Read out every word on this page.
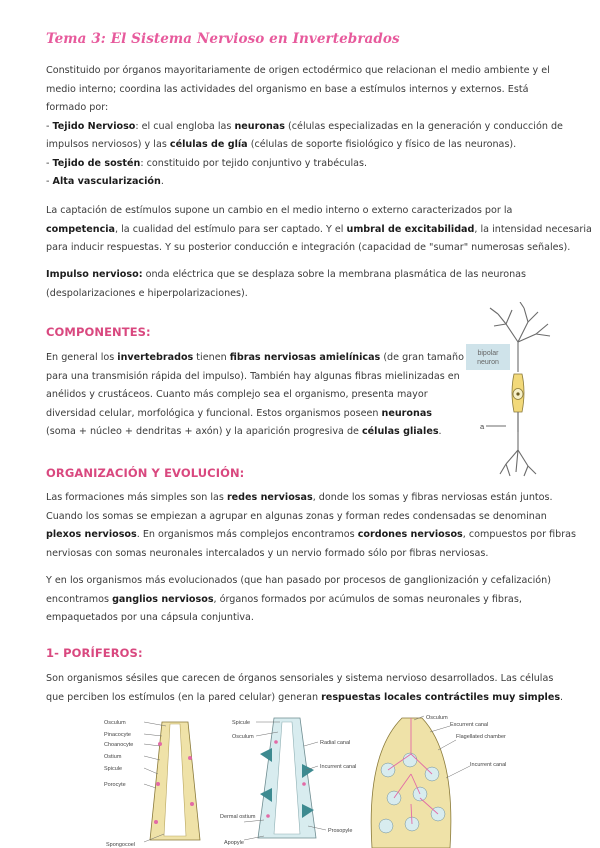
Tema 3: El Sistema Nervioso en Invertebrados
Constituido por órganos mayoritariamente de origen ectodérmico que relacionan el medio ambiente y el
medio interno; coordina las actividades del organismo en base a estímulos internos y externos. Está
formado por:
- Tejido Nervioso: el cual engloba las neuronas (células especializadas en la generación y conducción de
impulsos nerviosos) y las células de glía (células de soporte fisiológico y físico de las neuronas).
- Tejido de sostén: constituido por tejido conjuntivo y trabéculas.
- Alta vascularización.
La captación de estímulos supone un cambio en el medio interno o externo caracterizados por la
competencia, la cualidad del estímulo para ser captado. Y el umbral de excitabilidad, la intensidad necesaria
para inducir respuestas. Y su posterior conducción e integración (capacidad de "sumar" numerosas señales).
Impulso nervioso: onda eléctrica que se desplaza sobre la membrana plasmática de las neuronas
(despolarizaciones e hiperpolarizaciones).
COMPONENTES:
En general los invertebrados tienen fibras nerviosas amielínicas (de gran tamaño
para una transmisión rápida del impulso). También hay algunas fibras mielinizadas en
anélidos y crustáceos. Cuanto más complejo sea el organismo, presenta mayor
diversidad celular, morfológica y funcional. Estos organismos poseen neuronas
(soma + núcleo + dendritas + axón) y la aparición progresiva de células gliales.
bipolar
neuron
a
ORGANIZACIÓN Y EVOLUCIÓN:
Las formaciones más simples son las redes nerviosas, donde los somas y fibras nerviosas están juntos.
Cuando los somas se empiezan a agrupar en algunas zonas y forman redes condensadas se denominan
plexos nerviosos. En organismos más complejos encontramos cordones nerviosos, compuestos por fibras
nerviosas con somas neuronales intercalados y un nervio formado sólo por fibras nerviosas.
Y en los organismos más evolucionados (que han pasado por procesos de ganglionización y cefalización)
encontramos ganglios nerviosos, órganos formados por acúmulos de somas neuronales y fibras,
empaquetados por una cápsula conjuntiva.
1- PORÍFEROS:
Son organismos sésiles que carecen de órganos sensoriales y sistema nervioso desarrollados. Las células
que perciben los estímulos (en la pared celular) generan respuestas locales contráctiles muy simples.
Osculum
Pinacocyte
Choanocyte
Ostium
Spicule
Porocyte
Spongocoel
Spicule
Osculum
Radial canal
Incurrent canal
Dermal ostium
Apopyle
Prosopyle
Osculum
Excurrent canal
Flagellated chamber
Incurrent canal
